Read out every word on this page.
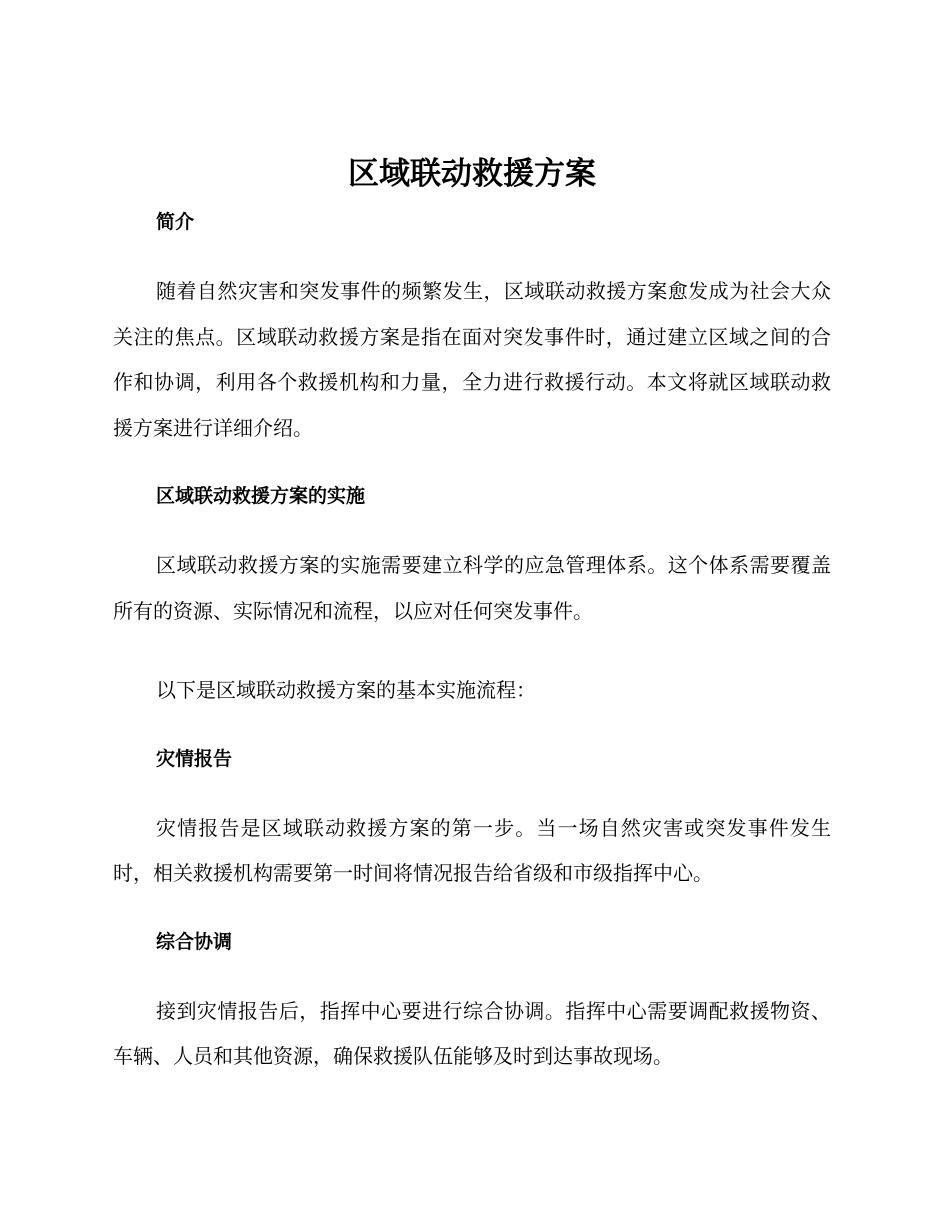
区域联动救援方案
简介

随着自然灾害和突发事件的频繁发生，区域联动救援方案愈发成为社会大众关注的焦点。区域联动救援方案是指在面对突发事件时，通过建立区域之间的合作和协调，利用各个救援机构和力量，全力进行救援行动。本文将就区域联动救援方案进行详细介绍。

区域联动救援方案的实施

区域联动救援方案的实施需要建立科学的应急管理体系。这个体系需要覆盖所有的资源、实际情况和流程，以应对任何突发事件。

以下是区域联动救援方案的基本实施流程：

灾情报告

灾情报告是区域联动救援方案的第一步。当一场自然灾害或突发事件发生时，相关救援机构需要第一时间将情况报告给省级和市级指挥中心。

综合协调

接到灾情报告后，指挥中心要进行综合协调。指挥中心需要调配救援物资、车辆、人员和其他资源，确保救援队伍能够及时到达事故现场。
